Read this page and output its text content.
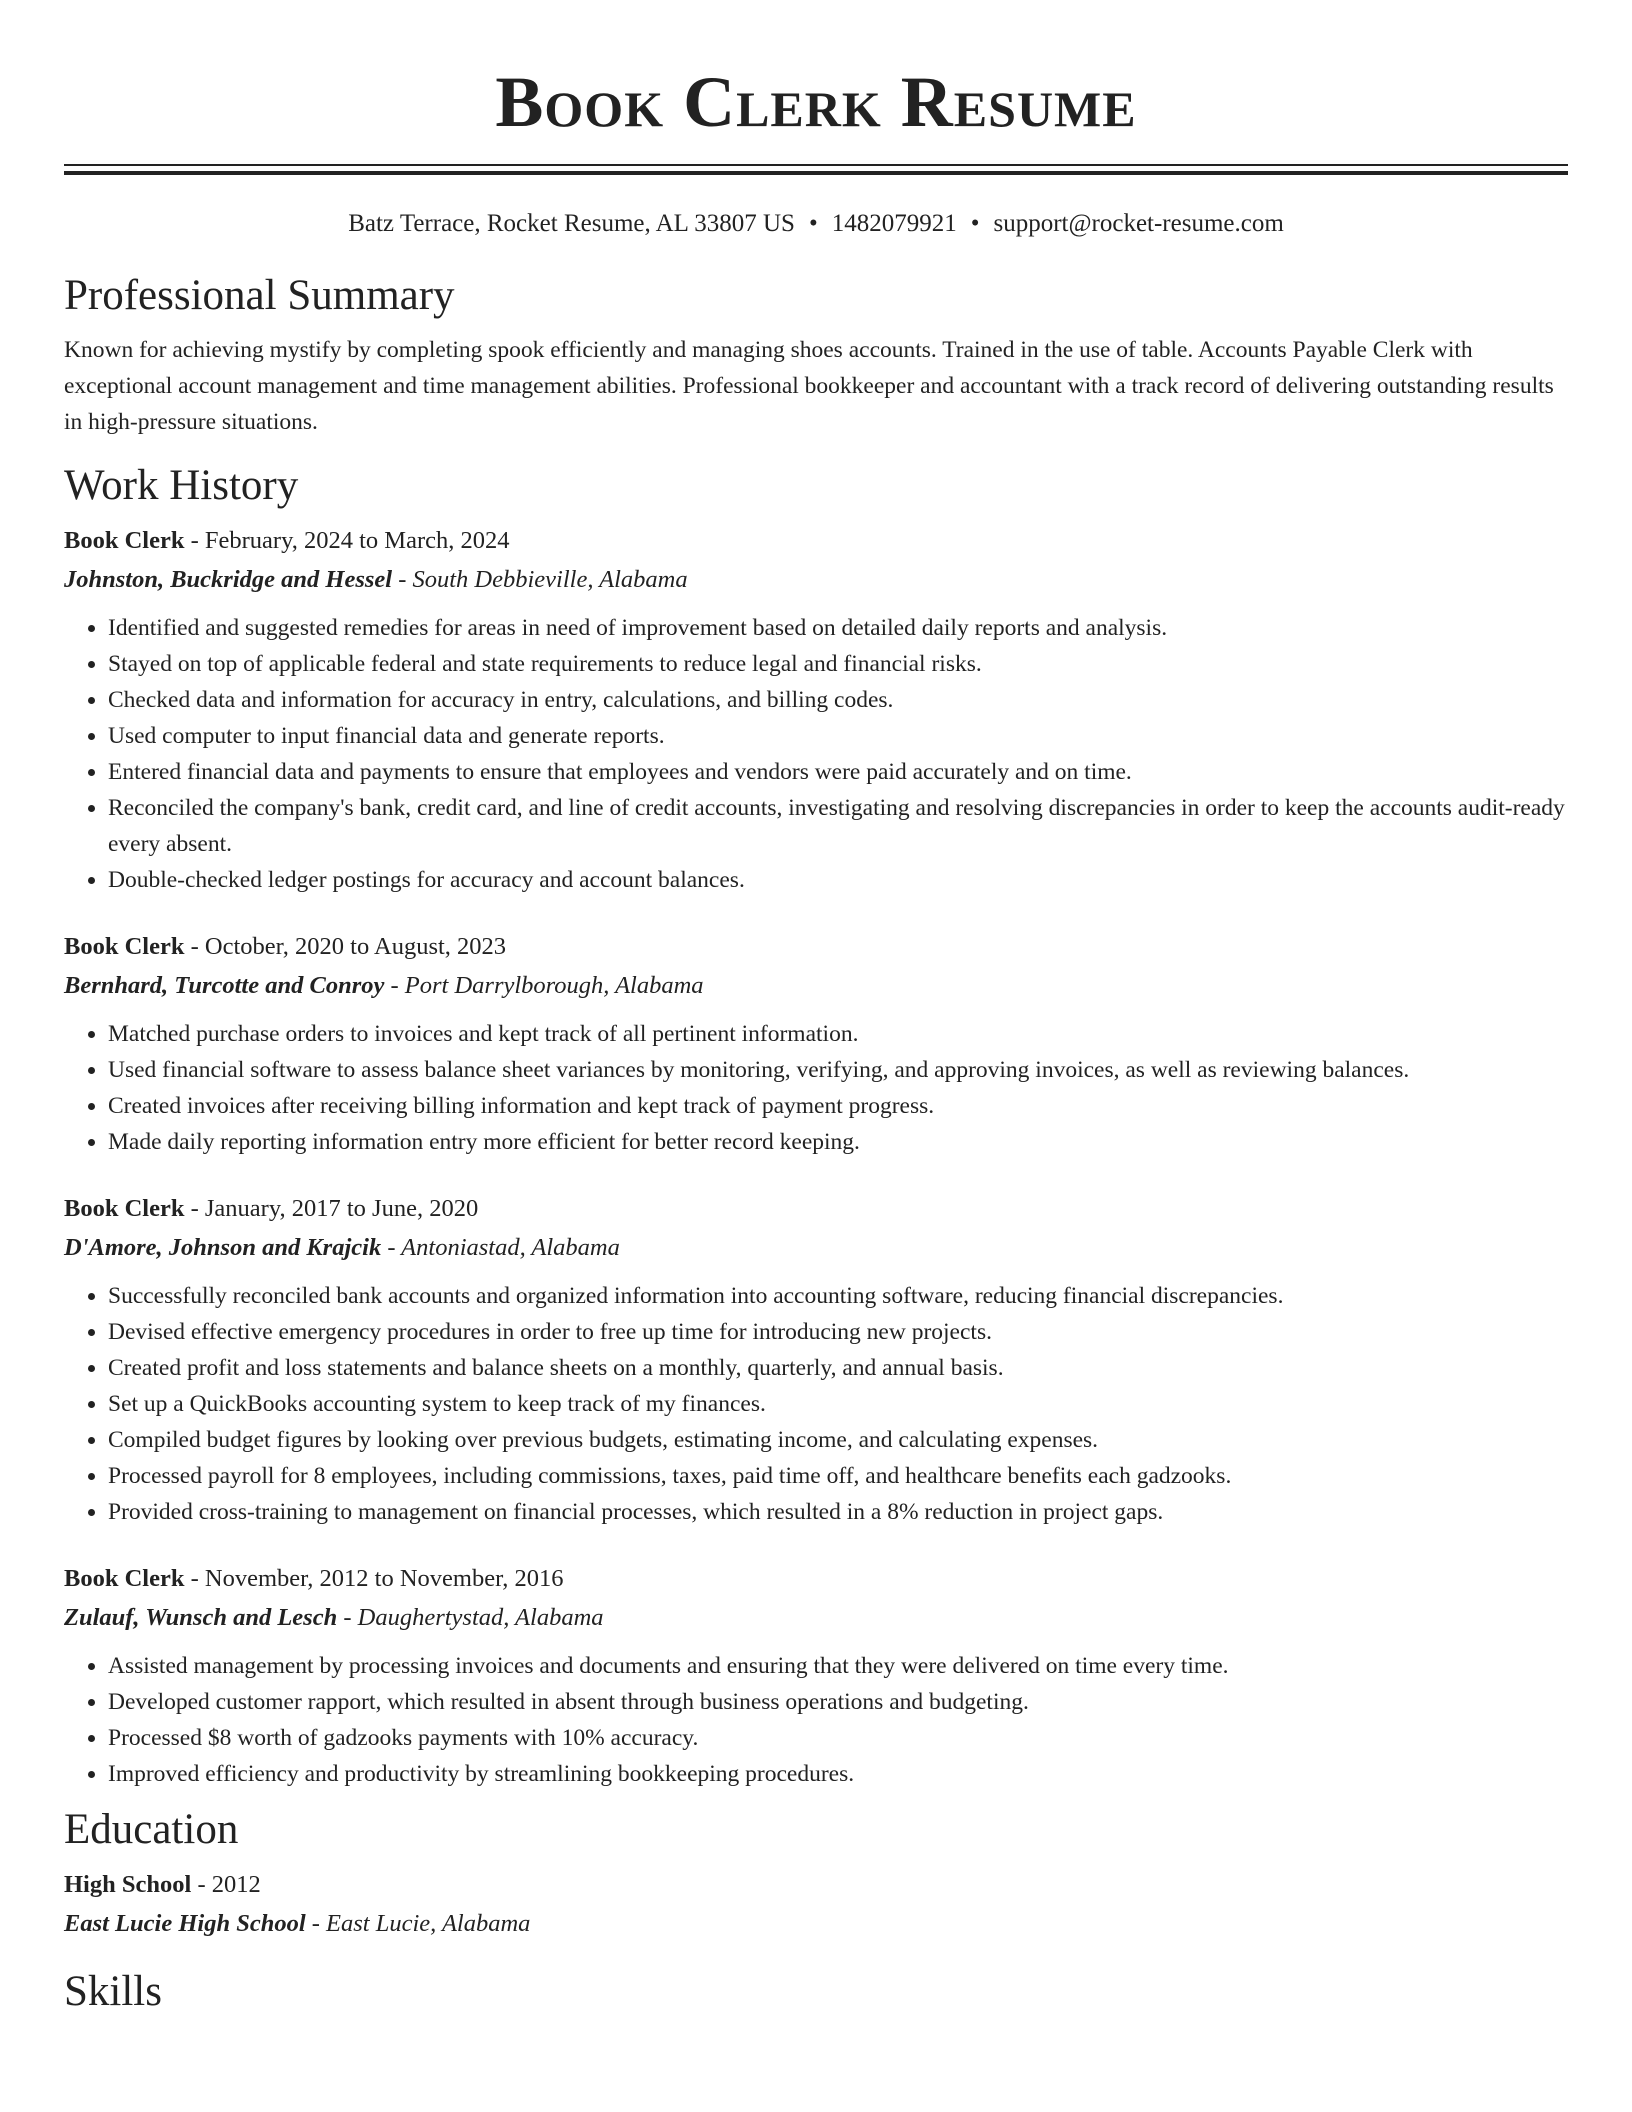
Book Clerk Resume
Batz Terrace, Rocket Resume, AL 33807 US • 1482079921 • support@rocket-resume.com
Professional Summary

Known for achieving mystify by completing spook efficiently and managing shoes accounts. Trained in the use of table. Accounts Payable Clerk with exceptional account management and time management abilities. Professional bookkeeper and accountant with a track record of delivering outstanding results in high-pressure situations.

Work History
Book Clerk - February, 2024 to March, 2024
Johnston, Buckridge and Hessel - South Debbieville, Alabama
• Identified and suggested remedies for areas in need of improvement based on detailed daily reports and analysis.
• Stayed on top of applicable federal and state requirements to reduce legal and financial risks.
• Checked data and information for accuracy in entry, calculations, and billing codes.
• Used computer to input financial data and generate reports.
• Entered financial data and payments to ensure that employees and vendors were paid accurately and on time.
• Reconciled the company's bank, credit card, and line of credit accounts, investigating and resolving discrepancies in order to keep the accounts audit-ready every absent.
• Double-checked ledger postings for accuracy and account balances.
Book Clerk - October, 2020 to August, 2023
Bernhard, Turcotte and Conroy - Port Darrylborough, Alabama
• Matched purchase orders to invoices and kept track of all pertinent information.
• Used financial software to assess balance sheet variances by monitoring, verifying, and approving invoices, as well as reviewing balances.
• Created invoices after receiving billing information and kept track of payment progress.
• Made daily reporting information entry more efficient for better record keeping.
Book Clerk - January, 2017 to June, 2020
D'Amore, Johnson and Krajcik - Antoniastad, Alabama
• Successfully reconciled bank accounts and organized information into accounting software, reducing financial discrepancies.
• Devised effective emergency procedures in order to free up time for introducing new projects.
• Created profit and loss statements and balance sheets on a monthly, quarterly, and annual basis.
• Set up a QuickBooks accounting system to keep track of my finances.
• Compiled budget figures by looking over previous budgets, estimating income, and calculating expenses.
• Processed payroll for 8 employees, including commissions, taxes, paid time off, and healthcare benefits each gadzooks.
• Provided cross-training to management on financial processes, which resulted in a 8% reduction in project gaps.
Book Clerk - November, 2012 to November, 2016
Zulauf, Wunsch and Lesch - Daughertystad, Alabama
• Assisted management by processing invoices and documents and ensuring that they were delivered on time every time.
• Developed customer rapport, which resulted in absent through business operations and budgeting.
• Processed $8 worth of gadzooks payments with 10% accuracy.
• Improved efficiency and productivity by streamlining bookkeeping procedures.
Education
High School - 2012
East Lucie High School - East Lucie, Alabama
Skills
